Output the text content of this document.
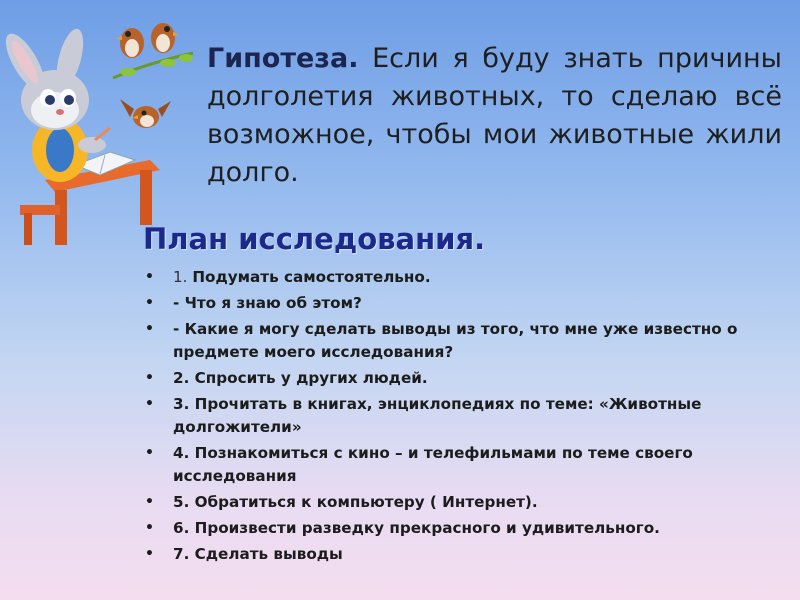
Гипотеза. Если я буду знать причины долголетия животных, то сделаю всё возможное, чтобы мои животные жили долго.
План исследования.
• 1. Подумать самостоятельно.
• - Что я знаю об этом?
• - Какие я могу сделать выводы из того, что мне уже известно о предмете моего исследования?
• 2. Спросить у других людей.
• 3. Прочитать в книгах, энциклопедиях по теме: «Животные долгожители»
• 4. Познакомиться с кино – и телефильмами по теме своего исследования
• 5. Обратиться к компьютеру ( Интернет).
• 6. Произвести разведку прекрасного и удивительного.
• 7. Сделать выводы
